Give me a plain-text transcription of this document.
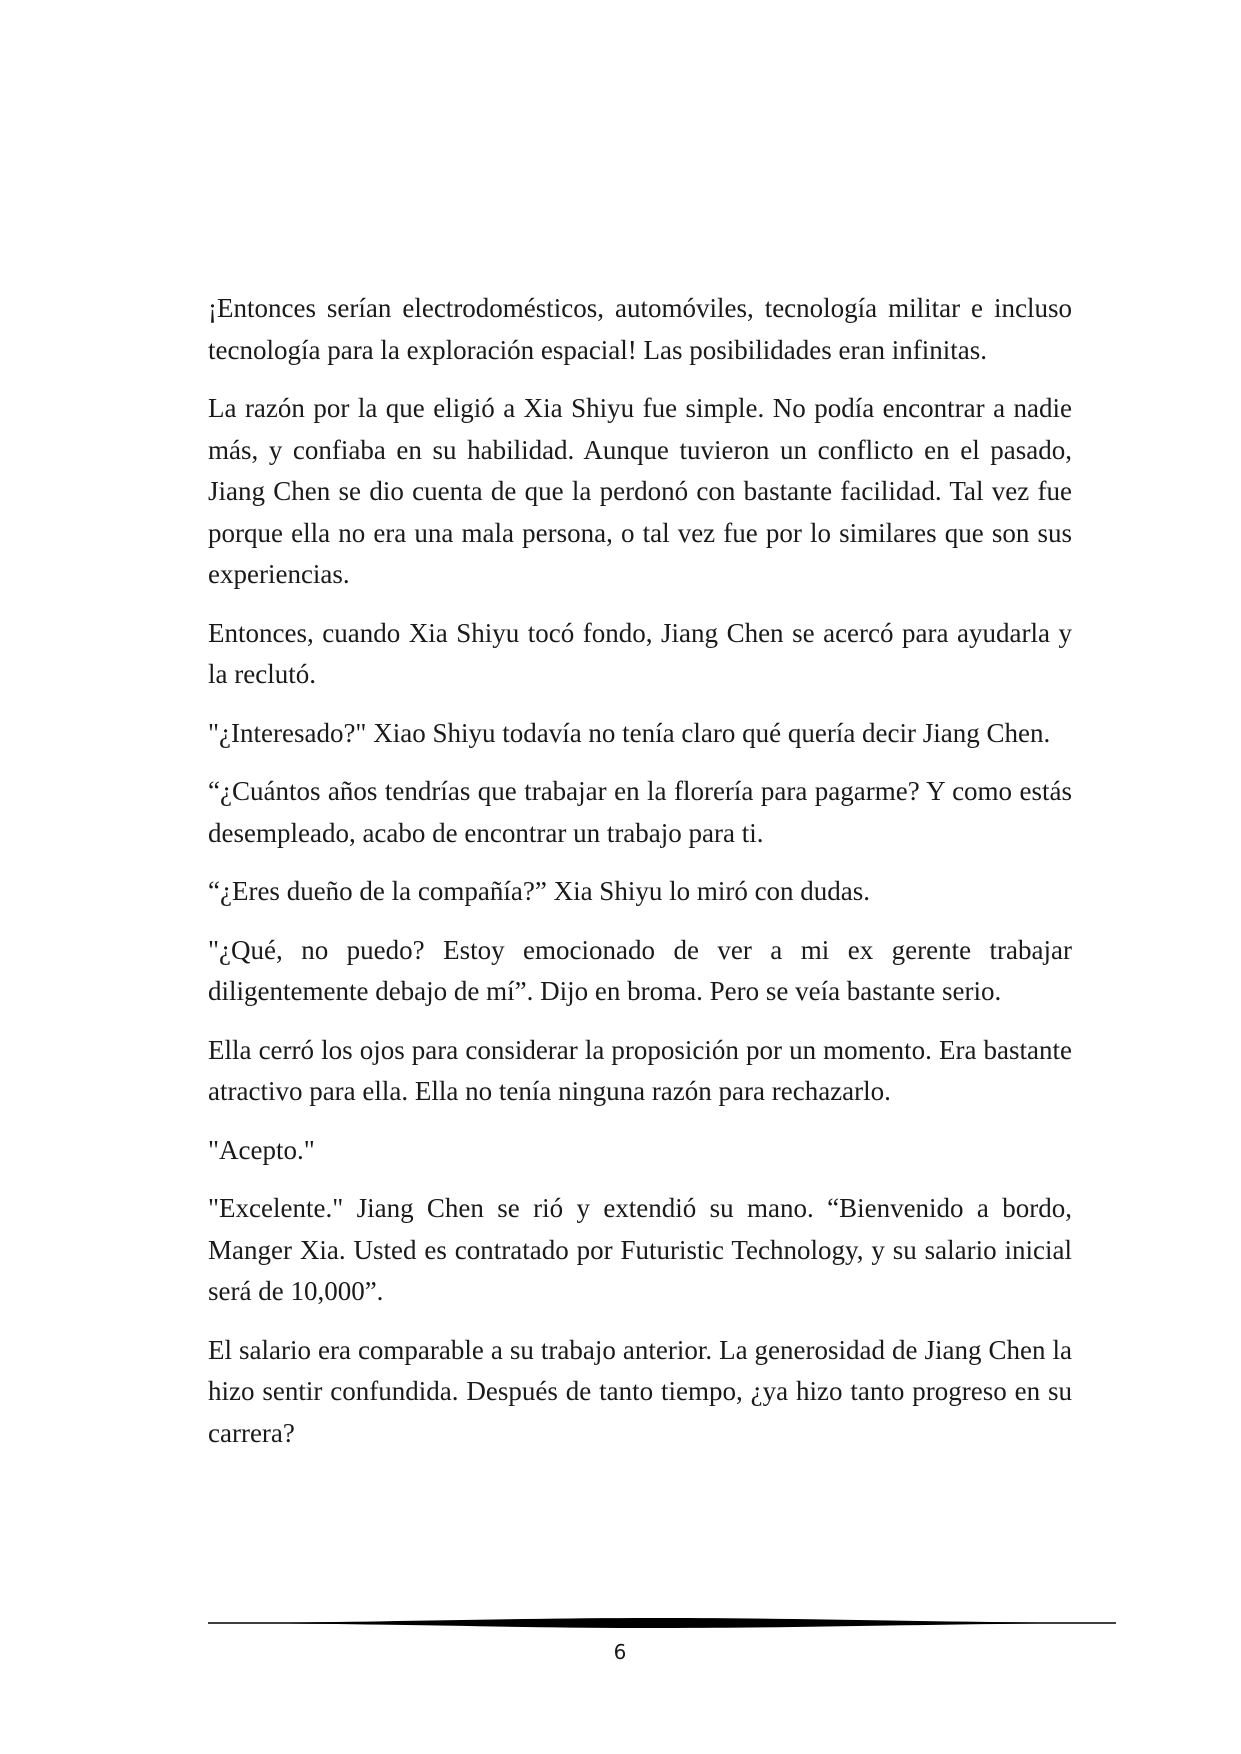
¡Entonces serían electrodomésticos, automóviles, tecnología militar e incluso tecnología para la exploración espacial! Las posibilidades eran infinitas.

La razón por la que eligió a Xia Shiyu fue simple. No podía encontrar a nadie más, y confiaba en su habilidad. Aunque tuvieron un conflicto en el pasado, Jiang Chen se dio cuenta de que la perdonó con bastante facilidad. Tal vez fue porque ella no era una mala persona, o tal vez fue por lo similares que son sus experiencias.

Entonces, cuando Xia Shiyu tocó fondo, Jiang Chen se acercó para ayudarla y la reclutó.

"¿Interesado?" Xiao Shiyu todavía no tenía claro qué quería decir Jiang Chen.

“¿Cuántos años tendrías que trabajar en la florería para pagarme? Y como estás desempleado, acabo de encontrar un trabajo para ti.

“¿Eres dueño de la compañía?” Xia Shiyu lo miró con dudas.

"¿Qué, no puedo? Estoy emocionado de ver a mi ex gerente trabajar diligentemente debajo de mí”. Dijo en broma. Pero se veía bastante serio.

Ella cerró los ojos para considerar la proposición por un momento. Era bastante atractivo para ella. Ella no tenía ninguna razón para rechazarlo.

"Acepto."

"Excelente." Jiang Chen se rió y extendió su mano. “Bienvenido a bordo, Manger Xia. Usted es contratado por Futuristic Technology, y su salario inicial será de 10,000”.

El salario era comparable a su trabajo anterior. La generosidad de Jiang Chen la hizo sentir confundida. Después de tanto tiempo, ¿ya hizo tanto progreso en su carrera?

6
